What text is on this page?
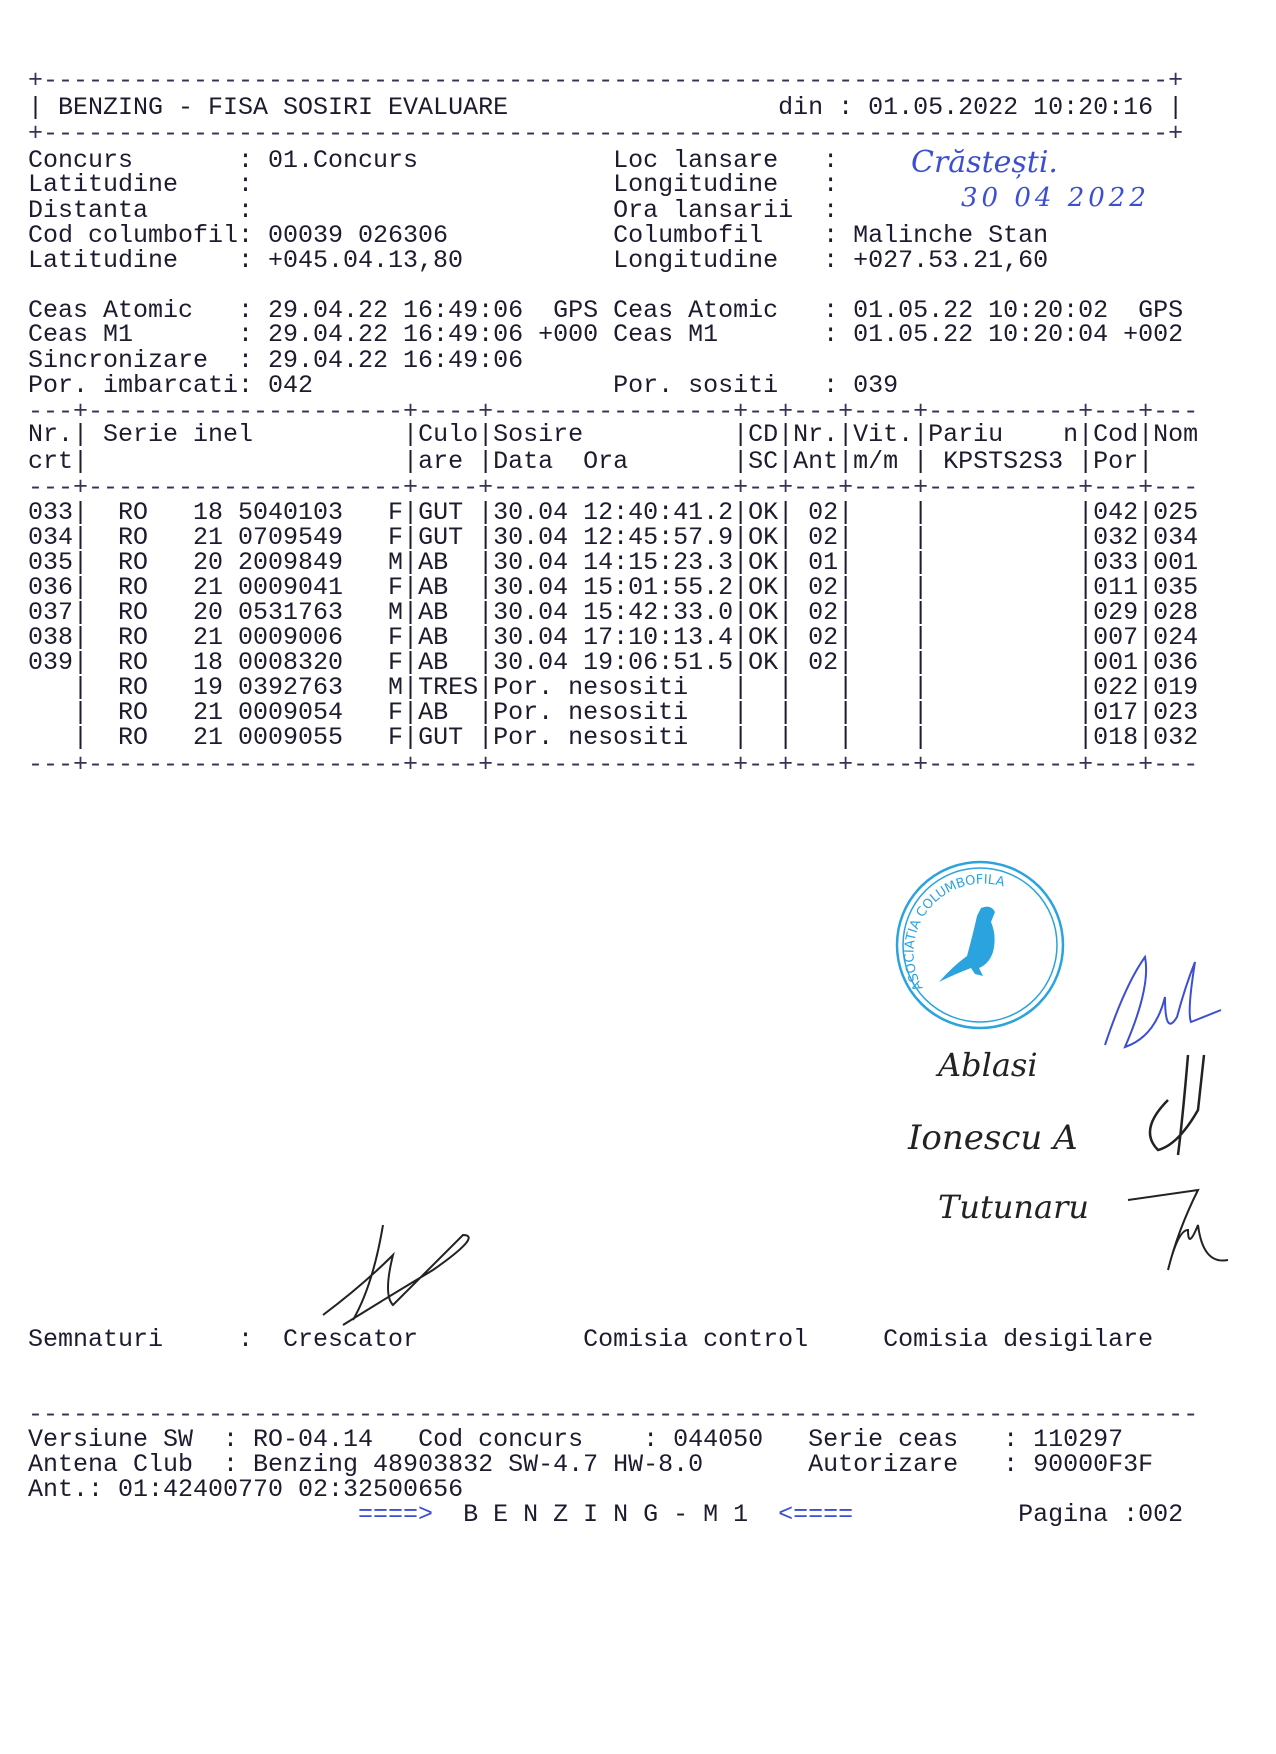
+---------------------------------------------------------------------------+
| BENZING - FISA SOSIRI EVALUARE	din : 01.05.2022 10:20:16 |
+---------------------------------------------------------------------------+
Concurs	: 01.Concurs
Latitudine :
Distanta	:
Cod columbofil : 00039 026306
Latitudine : +045.04.13,80
Loc lansare :
Longitudine :
Ora lansarii :
Columbofil : Malinche Stan
Longitudine : +027.53.21,60
Crăstești.
30 04 2022
Ceas Atomic : 29.04.22 16:49:06 GPS
Ceas M1	: 29.04.22 16:49:06 +000
Sincronizare : 29.04.22 16:49:06
Por. imbarcati : 042
Ceas Atomic : 01.05.22 10:20:02 GPS
Ceas M1	: 01.05.22 10:20:04 +002
Por. sositi : 039
---+---------------------+----+----------------+--+---+----+----------+---+---
---+---------------------+----+----------------+--+---+----+----------+---+---
---+---------------------+----+----------------+--+---+----+----------+---+---
Nr. Serie inel	Culo Sosire	CD Nr. Vit. Pariu    n Cod Nom
crt	are Data  Ora	SC Ant m/m KPSTS2S3 Por
|	| |	| | | |	| |
|	| |	| | | |	| |
033 RO 18 5040103 F GUT 30.04 12:40:41.2 OK 02	042 025
|	| |	| | | |	| |
034 RO 21 0709549 F GUT 30.04 12:45:57.9 OK 02	032 034
|	| |	| | | |	| |
035 RO 20 2009849 M AB 30.04 14:15:23.3 OK 01	033 001
|	| |	| | | |	| |
036 RO 21 0009041 F AB 30.04 15:01:55.2 OK 02	011 035
|	| |	| | | |	| |
037 RO 20 0531763 M AB 30.04 15:42:33.0 OK 02	029 028
|	| |	| | | |	| |
038 RO 21 0009006 F AB 30.04 17:10:13.4 OK 02	007 024
|	| |	| | | |	| |
039 RO 18 0008320 F AB 30.04 19:06:51.5 OK 02	001 036
|	| |	| | | |	| |
RO 19 0392763 M TRES Por. nesositi	022 019
|	| |	| | | |	| |
RO 21 0009054 F AB Por. nesositi	017 023
|	| |	| | | |	| |
RO 21 0009055 F GUT Por. nesositi	018 032
|	| |	| | | |	| |
ASOCIATIA COLUMBOFILA
Ablasi
Ionescu A
Tutunaru
Semnaturi	: Crescator	Comisia control	Comisia desigilare
------------------------------------------------------------------------------
Versiune SW : RO-04.14 Cod concurs : 044050 Serie ceas : 110297
Antena Club : Benzing 48903832 SW-4.7 HW-8.0	Autorizare : 90000F3F
Ant.: 01:42400770 02:32500656
====> B E N Z I N G - M 1 <====	Pagina :002
